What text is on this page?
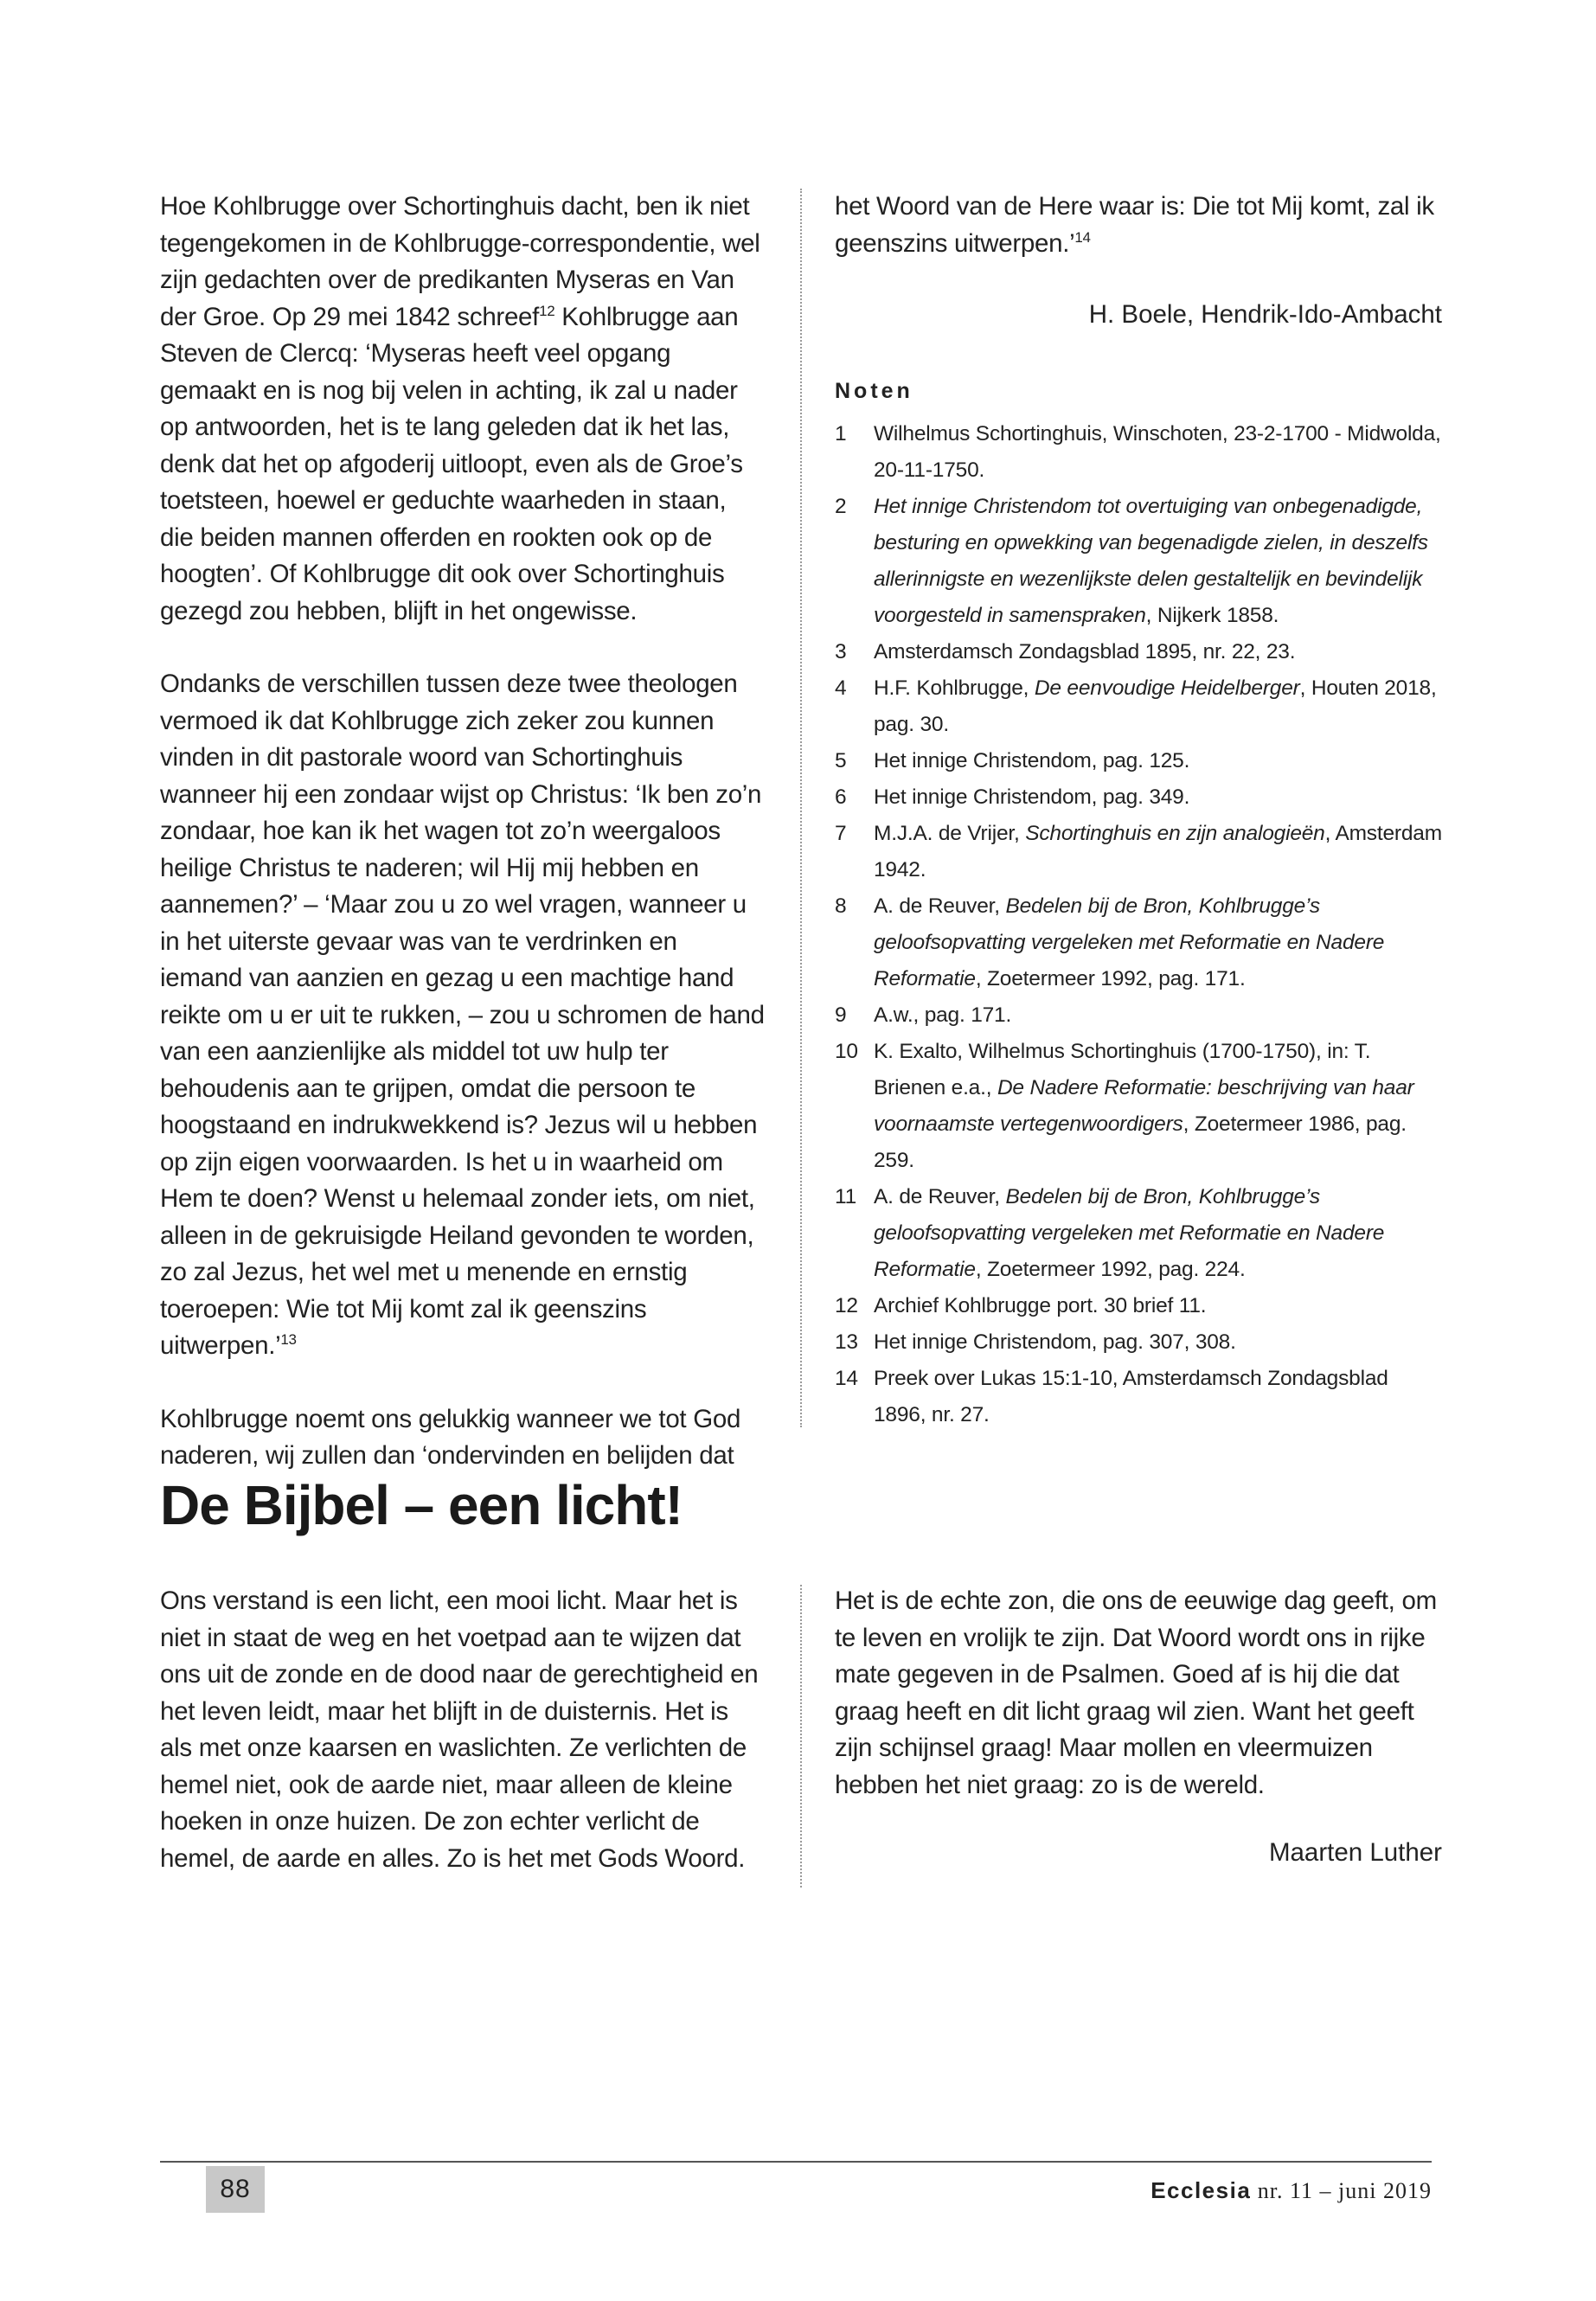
Hoe Kohlbrugge over Schortinghuis dacht, ben ik niet tegengekomen in de Kohlbrugge-correspondentie, wel zijn gedachten over de predikanten Myseras en Van der Groe. Op 29 mei 1842 schreef$^{12}$ Kohlbrugge aan Steven de Clercq: ‘Myseras heeft veel opgang gemaakt en is nog bij velen in achting, ik zal u nader op antwoorden, het is te lang geleden dat ik het las, denk dat het op afgoderij uitloopt, even als de Groe’s toetsteen, hoewel er geduchte waarheden in staan, die beiden mannen offerden en rookten ook op de hoogten’. Of Kohlbrugge dit ook over Schortinghuis gezegd zou hebben, blijft in het ongewisse.

Ondanks de verschillen tussen deze twee theologen vermoed ik dat Kohlbrugge zich zeker zou kunnen vinden in dit pastorale woord van Schortinghuis wanneer hij een zondaar wijst op Christus: ‘Ik ben zo’n zondaar, hoe kan ik het wagen tot zo’n weergaloos heilige Christus te naderen; wil Hij mij hebben en aannemen?’ – ‘Maar zou u zo wel vragen, wanneer u in het uiterste gevaar was van te verdrinken en iemand van aanzien en gezag u een machtige hand reikte om u er uit te rukken, – zou u schromen de hand van een aanzienlijke als middel tot uw hulp ter behoudenis aan te grijpen, omdat die persoon te hoogstaand en indrukwekkend is? Jezus wil u hebben op zijn eigen voorwaarden. Is het u in waarheid om Hem te doen? Wenst u helemaal zonder iets, om niet, alleen in de gekruisigde Heiland gevonden te worden, zo zal Jezus, het wel met u menende en ernstig toeroepen: Wie tot Mij komt zal ik geenszins uitwerpen.’$^{13}$

Kohlbrugge noemt ons gelukkig wanneer we tot God naderen, wij zullen dan ‘ondervinden en belijden dat

het Woord van de Here waar is: Die tot Mij komt, zal ik geenszins uitwerpen.’$^{14}$

H. Boele, Hendrik-Ido-Ambacht
Noten
1 Wilhelmus Schortinghuis, Winschoten, 23-2-1700 - Midwolda, 20-11-1750.
2 Het innige Christendom tot overtuiging van onbegenadigde, besturing en opwekking van begenadigde zielen, in deszelfs allerinnigste en wezenlijkste delen gestaltelijk en bevindelijk voorgesteld in samenspraken, Nijkerk 1858.
3 Amsterdamsch Zondagsblad 1895, nr. 22, 23.
4 H.F. Kohlbrugge, De eenvoudige Heidelberger, Houten 2018, pag. 30.
5 Het innige Christendom, pag. 125.
6 Het innige Christendom, pag. 349.
7 M.J.A. de Vrijer, Schortinghuis en zijn analogieën, Amsterdam 1942.
8 A. de Reuver, Bedelen bij de Bron, Kohlbrugge’s geloofsopvatting vergeleken met Reformatie en Nadere Reformatie, Zoetermeer 1992, pag. 171.
9 A.w., pag. 171.
10 K. Exalto, Wilhelmus Schortinghuis (1700-1750), in: T. Brienen e.a., De Nadere Reformatie: beschrijving van haar voornaamste vertegenwoordigers, Zoetermeer 1986, pag. 259.
11 A. de Reuver, Bedelen bij de Bron, Kohlbrugge’s geloofsopvatting vergeleken met Reformatie en Nadere Reformatie, Zoetermeer 1992, pag. 224.
12 Archief Kohlbrugge port. 30 brief 11.
13 Het innige Christendom, pag. 307, 308.
14 Preek over Lukas 15:1-10, Amsterdamsch Zondagsblad 1896, nr. 27.
De Bijbel – een licht!

Ons verstand is een licht, een mooi licht. Maar het is niet in staat de weg en het voetpad aan te wijzen dat ons uit de zonde en de dood naar de gerechtigheid en het leven leidt, maar het blijft in de duisternis. Het is als met onze kaarsen en waslichten. Ze verlichten de hemel niet, ook de aarde niet, maar alleen de kleine hoeken in onze huizen. De zon echter verlicht de hemel, de aarde en alles. Zo is het met Gods Woord.

Het is de echte zon, die ons de eeuwige dag geeft, om te leven en vrolijk te zijn. Dat Woord wordt ons in rijke mate gegeven in de Psalmen. Goed af is hij die dat graag heeft en dit licht graag wil zien. Want het geeft zijn schijnsel graag! Maar mollen en vleermuizen hebben het niet graag: zo is de wereld.

Maarten Luther
88	Ecclesia nr. 11 – juni 2019
